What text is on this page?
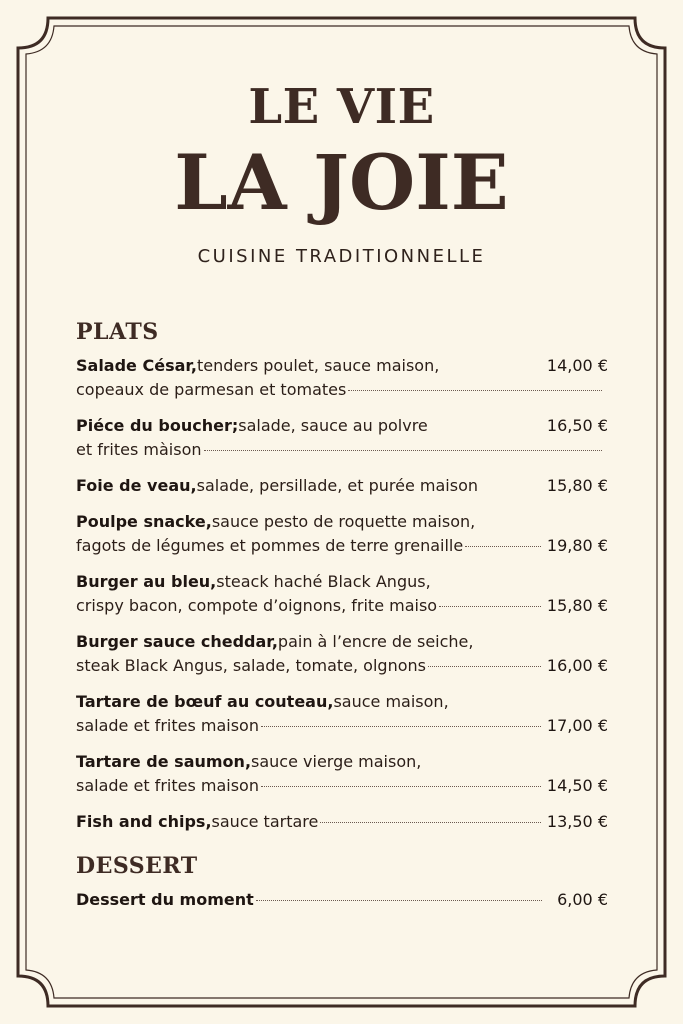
LE VIE
LA JOIE
CUISINE TRADITIONNELLE
PLATS
Salade César, tenders poulet, sauce maison,	14,00 €
copeaux de parmesan et tomates
Piéce du boucher; salade, sauce au polvre	16,50 €
et frites màison
Foie de veau, salade, persillade, et purée maison	15,80 €
Poulpe snacke, sauce pesto de roquette maison,
fagots de légumes et pommes de terre grenaille	19,80 €
Burger au bleu, steack haché Black Angus,
crispy bacon, compote d’oignons, frite maiso	15,80 €
Burger sauce cheddar, pain à l’encre de seiche,
steak Black Angus, salade, tomate, olgnons	16,00 €
Tartare de bœuf au couteau, sauce maison,
salade et frites maison	17,00 €
Tartare de saumon, sauce vierge maison,
salade et frites maison	14,50 €
Fish and chips, sauce tartare	13,50 €
DESSERT
Dessert du moment	6,00 €
